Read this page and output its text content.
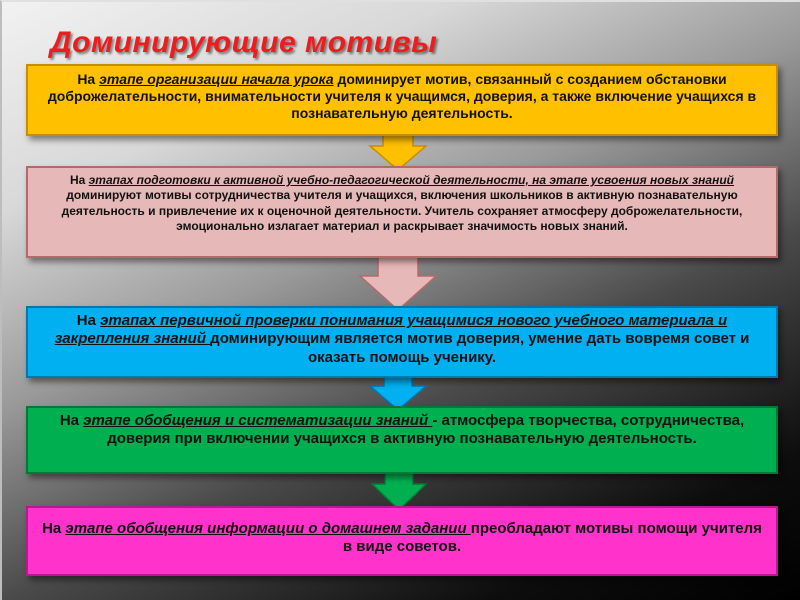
Доминирующие мотивы
На этапе организации начала урока доминирует мотив, связанный с созданием обстановки доброжелательности, внимательности учителя к учащимся, доверия, а также включение учащихся в познавательную деятельность.
На этапах подготовки к активной учебно-педагогической деятельности, на этапе усвоения новых знаний доминируют мотивы сотрудничества учителя и учащихся, включения школьников в активную познавательную деятельность и привлечение их к оценочной деятельности. Учитель сохраняет атмосферу доброжелательности, эмоционально излагает материал и раскрывает значимость новых знаний.
На этапах первичной проверки понимания учащимися нового учебного материала и закрепления знаний доминирующим является мотив доверия, умение дать вовремя совет и оказать помощь ученику.
На этапе обобщения и систематизации знаний - атмосфера творчества, сотрудничества, доверия при включении учащихся в активную познавательную деятельность.
На этапе обобщения информации о домашнем задании преобладают мотивы помощи учителя в виде советов.
